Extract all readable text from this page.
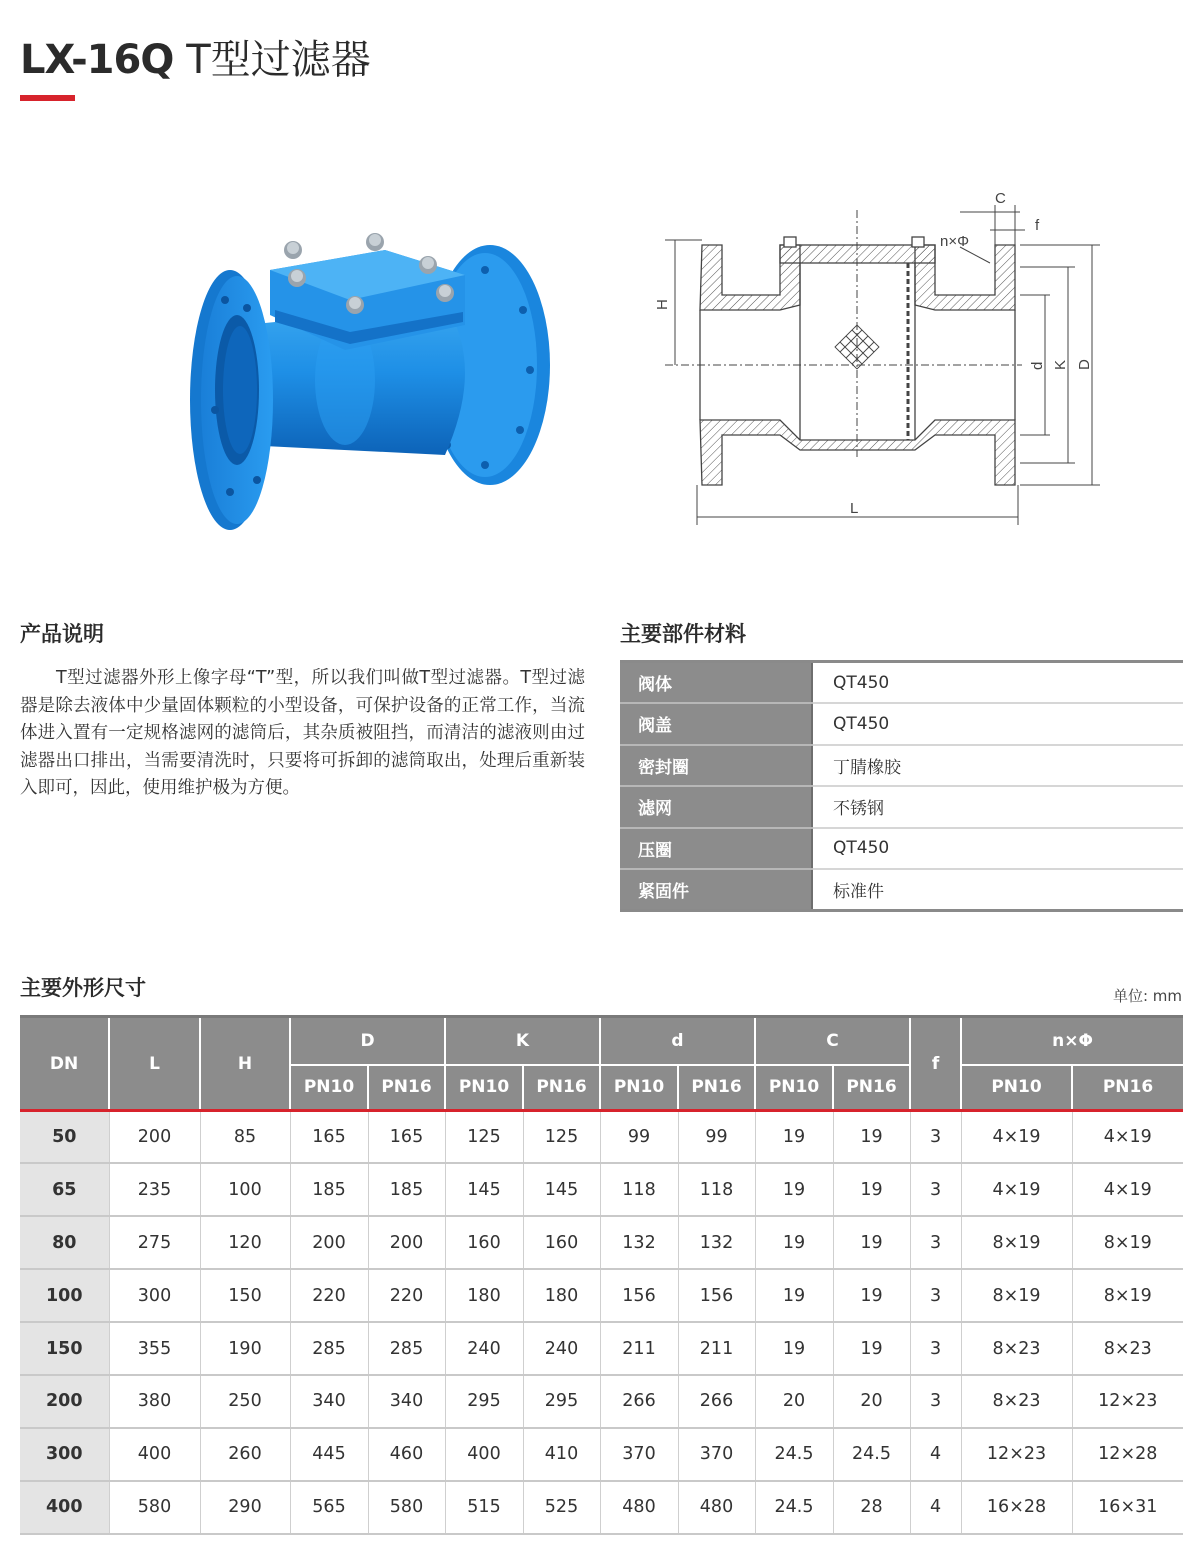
LX-16Q T型过滤器
C
f
n×Φ
H
d K D
L
产品说明

T型过滤器外形上像字母“T”型，所以我们叫做T型过滤器。T型过滤器是除去液体中少量固体颗粒的小型设备，可保护设备的正常工作，当流体进入置有一定规格滤网的滤筒后，其杂质被阻挡，而清洁的滤液则由过滤器出口排出，当需要清洗时，只要将可拆卸的滤筒取出，处理后重新装入即可，因此，使用维护极为方便。

主要部件材料
阀体	QT450
阀盖	QT450
密封圈	丁腈橡胶
滤网	不锈钢
压圈	QT450
紧固件	标准件
主要外形尺寸	单位: mm
DN	L	H	D		K		d		C		f	n×Φ	
			PN10	PN16	PN10	PN16	PN10	PN16	PN10	PN16		PN10	PN16
50	200	85	165	165	125	125	99	99	19	19	3	4×19	4×19
65	235	100	185	185	145	145	118	118	19	19	3	4×19	4×19
80	275	120	200	200	160	160	132	132	19	19	3	8×19	8×19
100	300	150	220	220	180	180	156	156	19	19	3	8×19	8×19
150	355	190	285	285	240	240	211	211	19	19	3	8×23	8×23
200	380	250	340	340	295	295	266	266	20	20	3	8×23	12×23
300	400	260	445	460	400	410	370	370	24.5	24.5	4	12×23	12×28
400	580	290	565	580	515	525	480	480	24.5	28	4	16×28	16×31
